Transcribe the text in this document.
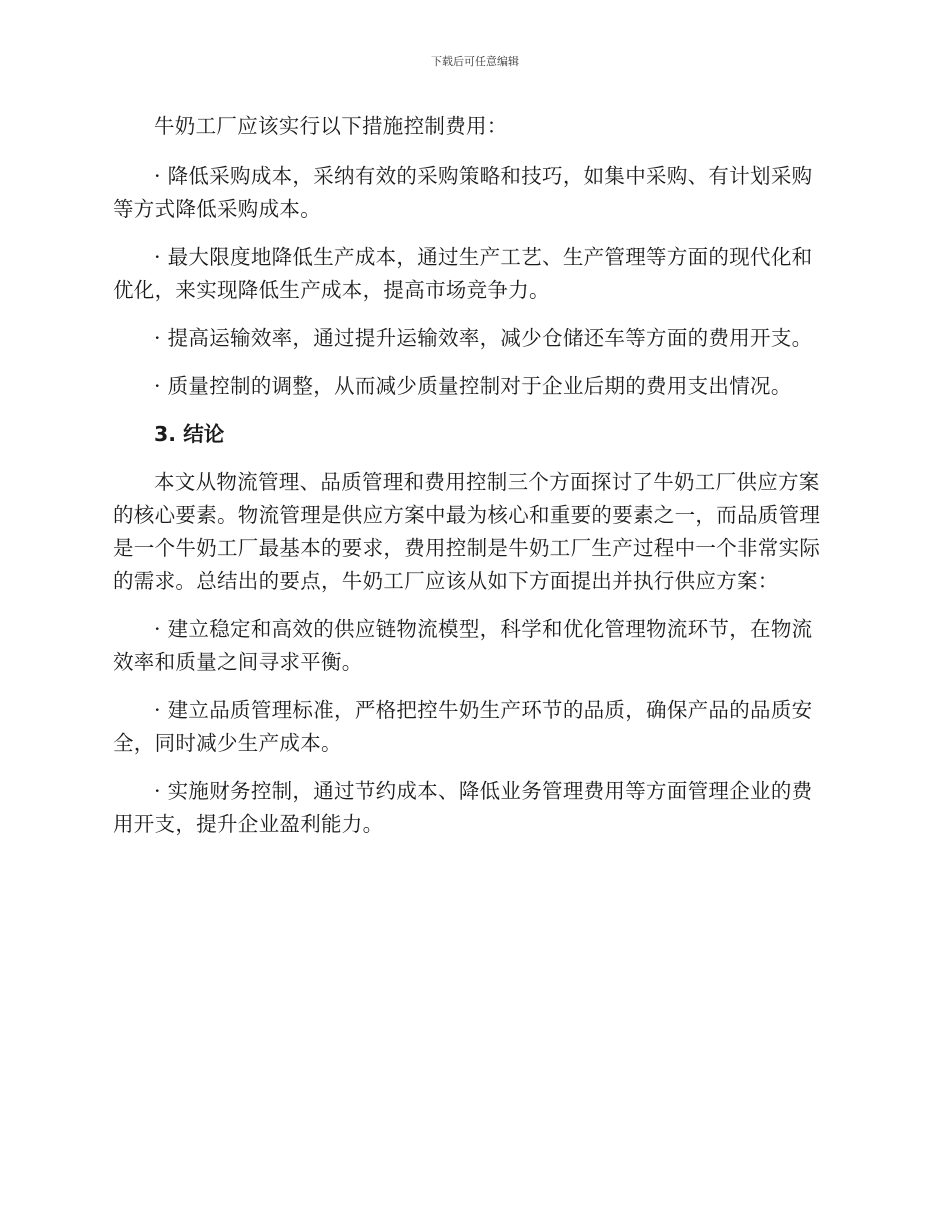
下载后可任意编辑

牛奶工厂应该实行以下措施控制费用：

· 降低采购成本，采纳有效的采购策略和技巧，如集中采购、有计划采购等方式降低采购成本。

· 最大限度地降低生产成本，通过生产工艺、生产管理等方面的现代化和优化，来实现降低生产成本，提高市场竞争力。

· 提高运输效率，通过提升运输效率，减少仓储还车等方面的费用开支。

· 质量控制的调整，从而减少质量控制对于企业后期的费用支出情况。

3. 结论

本文从物流管理、品质管理和费用控制三个方面探讨了牛奶工厂供应方案的核心要素。物流管理是供应方案中最为核心和重要的要素之一，而品质管理是一个牛奶工厂最基本的要求，费用控制是牛奶工厂生产过程中一个非常实际的需求。总结出的要点，牛奶工厂应该从如下方面提出并执行供应方案：

· 建立稳定和高效的供应链物流模型，科学和优化管理物流环节，在物流效率和质量之间寻求平衡。

· 建立品质管理标准，严格把控牛奶生产环节的品质，确保产品的品质安全，同时减少生产成本。

· 实施财务控制，通过节约成本、降低业务管理费用等方面管理企业的费用开支，提升企业盈利能力。
